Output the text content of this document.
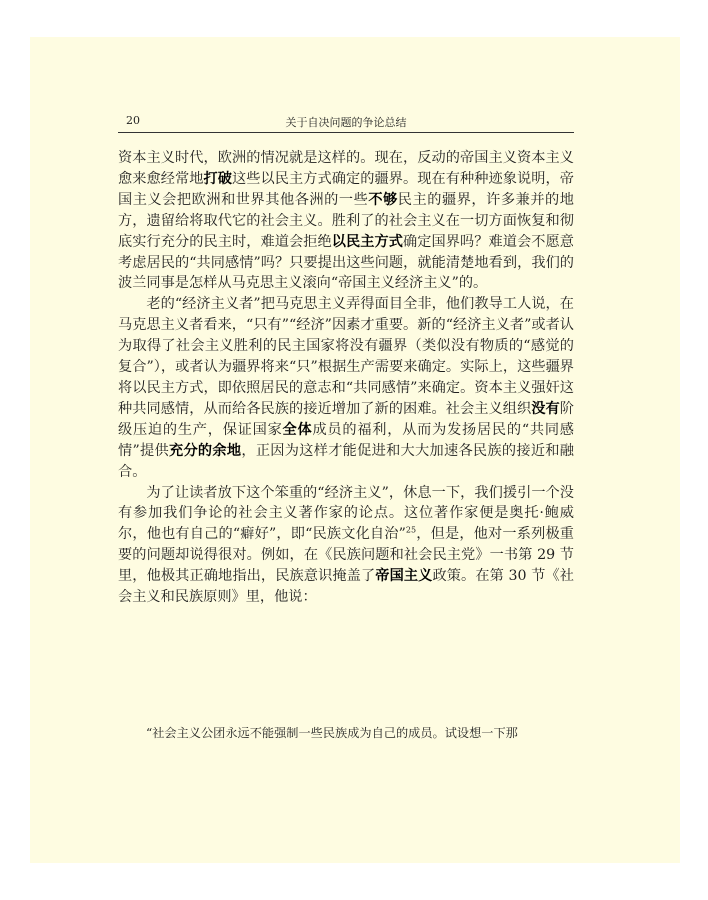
20	关于自决问题的争论总结

资本主义时代，欧洲的情况就是这样的。现在，反动的帝国主义资本主义愈来愈经常地打破这些以民主方式确定的疆界。现在有种种迹象说明，帝国主义会把欧洲和世界其他各洲的一些不够民主的疆界，许多兼并的地方，遗留给将取代它的社会主义。胜利了的社会主义在一切方面恢复和彻底实行充分的民主时，难道会拒绝以民主方式确定国界吗？难道会不愿意考虑居民的“共同感情”吗？只要提出这些问题，就能清楚地看到，我们的波兰同事是怎样从马克思主义滚向“帝国主义经济主义”的。

老的“经济主义者”把马克思主义弄得面目全非，他们教导工人说，在马克思主义者看来，“只有”“经济”因素才重要。新的“经济主义者”或者认为取得了社会主义胜利的民主国家将没有疆界（类似没有物质的“感觉的复合”），或者认为疆界将来“只”根据生产需要来确定。实际上，这些疆界将以民主方式，即依照居民的意志和“共同感情”来确定。资本主义强奸这种共同感情，从而给各民族的接近增加了新的困难。社会主义组织没有阶级压迫的生产，保证国家全体成员的福利，从而为发扬居民的“共同感情”提供充分的余地，正因为这样才能促进和大大加速各民族的接近和融合。

为了让读者放下这个笨重的“经济主义”，休息一下，我们援引一个没有参加我们争论的社会主义著作家的论点。这位著作家便是奥托·鲍威尔，他也有自己的“癖好”，即“民族文化自治”$^{25}$，但是，他对一系列极重要的问题却说得很对。例如，在《民族问题和社会民主党》一书第 29 节里，他极其正确地指出，民族意识掩盖了帝国主义政策。在第 30 节《社会主义和民族原则》里，他说：

“社会主义公团永远不能强制一些民族成为自己的成员。试设想一下那
